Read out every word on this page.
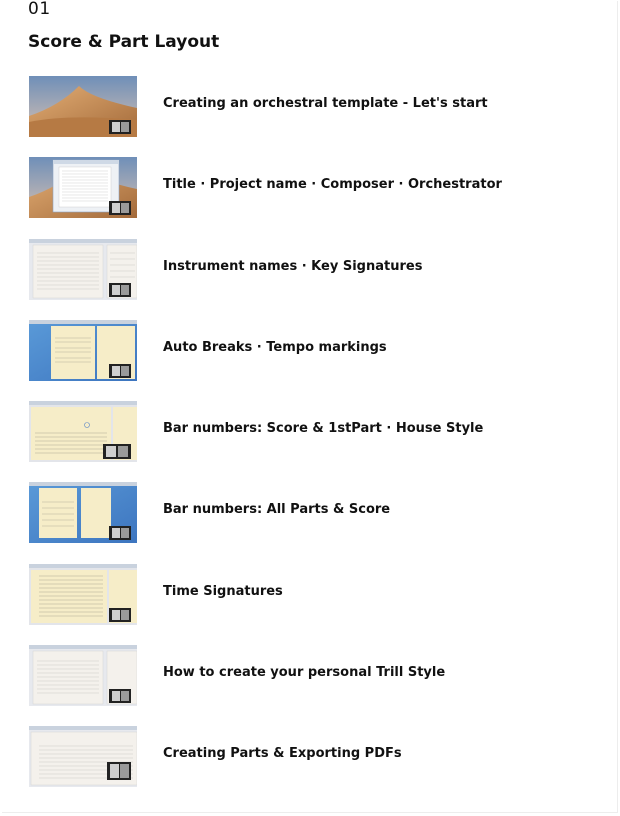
01
Score & Part Layout
Creating an orchestral template - Let's start
Title · Project name · Composer · Orchestrator
Instrument names · Key Signatures
Auto Breaks · Tempo markings
Bar numbers: Score & 1stPart · House Style
Bar numbers: All Parts & Score
Time Signatures
How to create your personal Trill Style
Creating Parts & Exporting PDFs
